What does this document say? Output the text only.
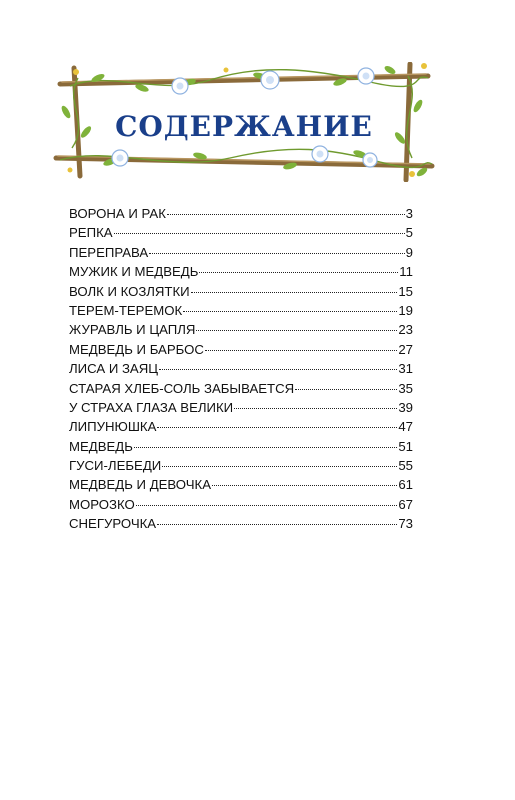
СОДЕРЖАНИЕ
ВОРОНА И РАК	3
РЕПКА	5
ПЕРЕПРАВА	9
МУЖИК И МЕДВЕДЬ	11
ВОЛК И КОЗЛЯТКИ	15
ТЕРЕМ-ТЕРЕМОК	19
ЖУРАВЛЬ И ЦАПЛЯ	23
МЕДВЕДЬ И БАРБОС	27
ЛИСА И ЗАЯЦ	31
СТАРАЯ ХЛЕБ-СОЛЬ ЗАБЫВАЕТСЯ	35
У СТРАХА ГЛАЗА ВЕЛИКИ	39
ЛИПУНЮШКА	47
МЕДВЕДЬ	51
ГУСИ-ЛЕБЕДИ	55
МЕДВЕДЬ И ДЕВОЧКА	61
МОРОЗКО	67
СНЕГУРОЧКА	73
